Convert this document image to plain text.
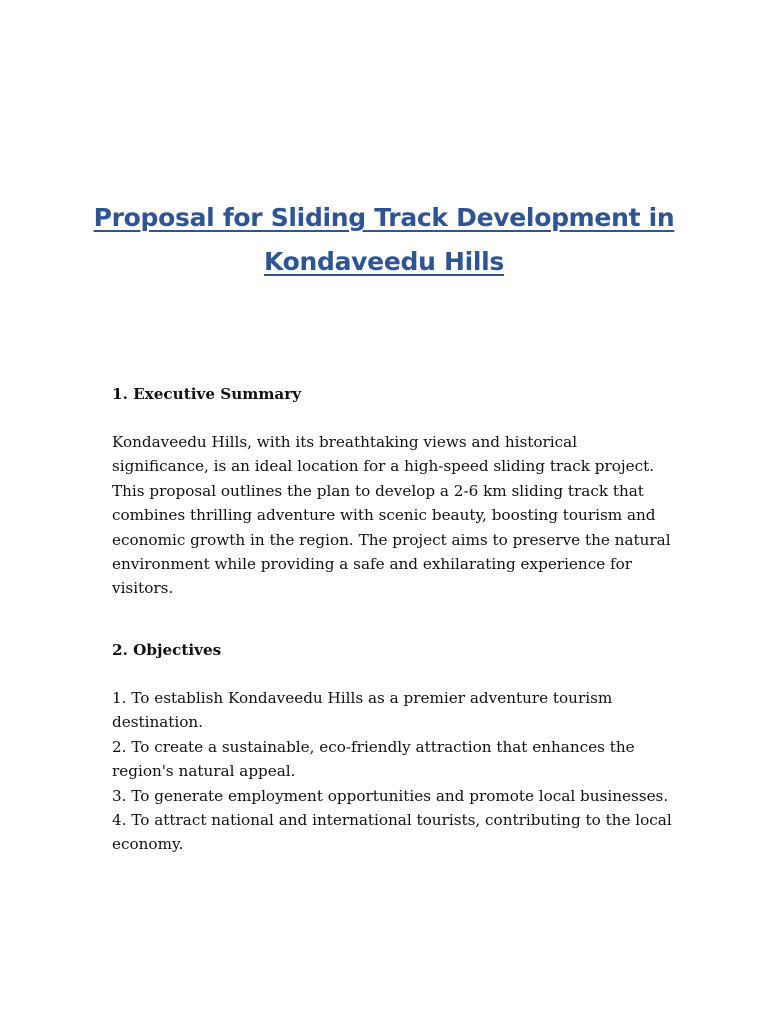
Proposal for Sliding Track Development in
Kondaveedu Hills

1. Executive Summary

Kondaveedu Hills, with its breathtaking views and historical significance, is an ideal location for a high-speed sliding track project. This proposal outlines the plan to develop a 2-6 km sliding track that combines thrilling adventure with scenic beauty, boosting tourism and economic growth in the region. The project aims to preserve the natural environment while providing a safe and exhilarating experience for visitors.

2. Objectives

1. To establish Kondaveedu Hills as a premier adventure tourism destination.
2. To create a sustainable, eco-friendly attraction that enhances the region's natural appeal.
3. To generate employment opportunities and promote local businesses.
4. To attract national and international tourists, contributing to the local economy.
